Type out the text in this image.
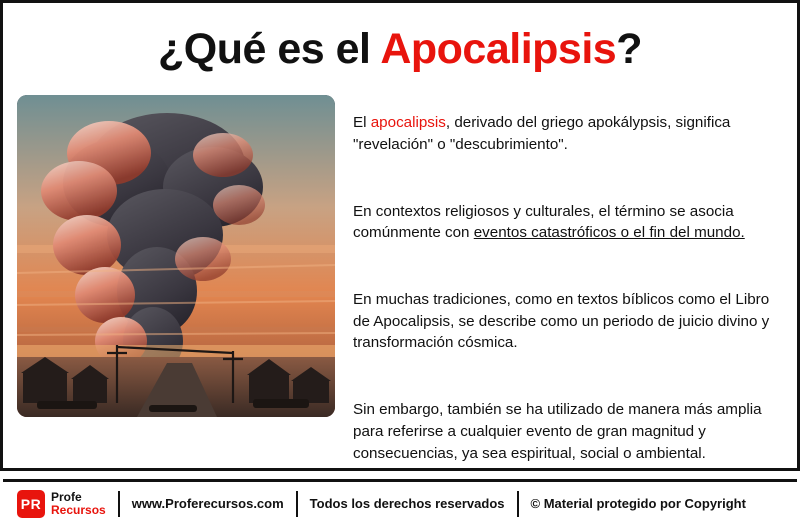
¿Qué es el Apocalipsis?

El apocalipsis, derivado del griego apokálypsis, significa "revelación" o "descubrimiento".

En contextos religiosos y culturales, el término se asocia comúnmente con eventos catastróficos o el fin del mundo.

En muchas tradiciones, como en textos bíblicos como el Libro de Apocalipsis, se describe como un periodo de juicio divino y transformación cósmica.

Sin embargo, también se ha utilizado de manera más amplia para referirse a cualquier evento de gran magnitud y consecuencias, ya sea espiritual, social o ambiental.

PR Profe
Recursos www.Proferecursos.com Todos los derechos reservados © Material protegido por Copyright
